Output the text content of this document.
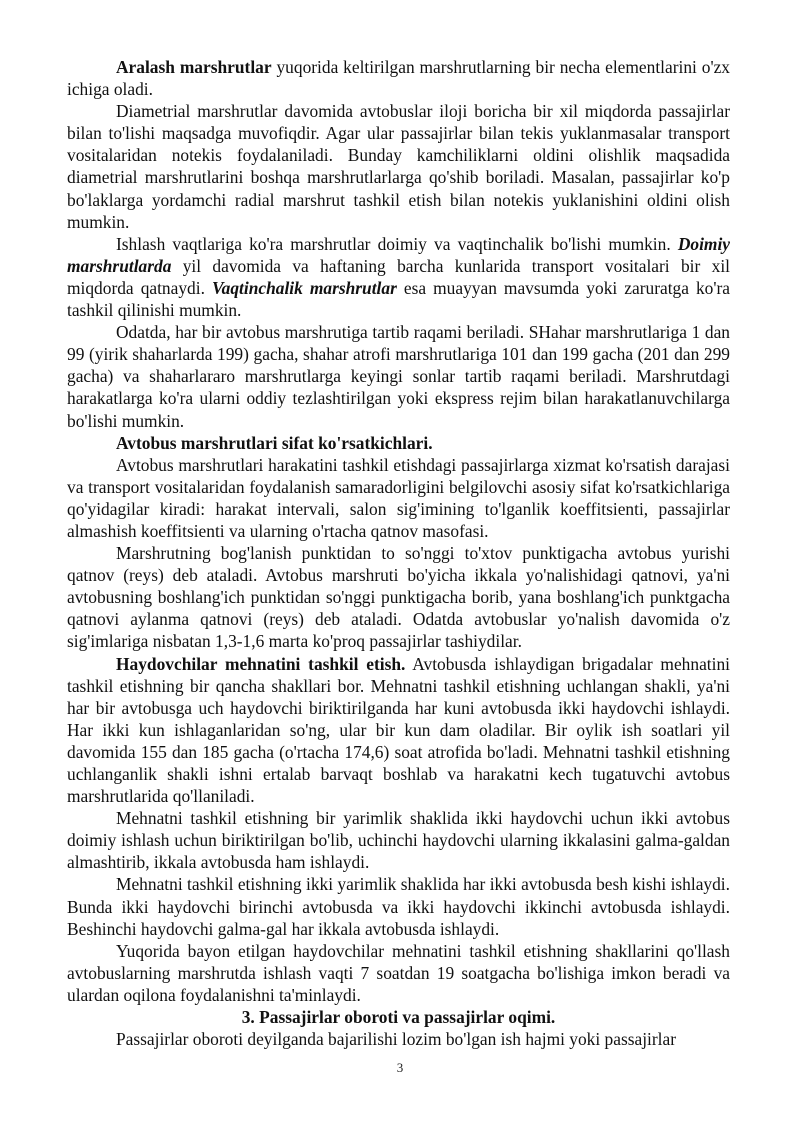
Aralash marshrutlar yuqorida keltirilgan marshrutlarning bir necha elementlarini o'zx ichiga oladi.

Diametrial marshrutlar davomida avtobuslar iloji boricha bir xil miqdorda passajirlar bilan to'lishi maqsadga muvofiqdir. Agar ular passajirlar bilan tekis yuklanmasalar transport vositalaridan notekis foydalaniladi. Bunday kamchiliklarni oldini olishlik maqsadida diametrial marshrutlarini boshqa marshrutlarlarga qo'shib boriladi. Masalan, passajirlar ko'p bo'laklarga yordamchi radial marshrut tashkil etish bilan notekis yuklanishini oldini olish mumkin.

Ishlash vaqtlariga ko'ra marshrutlar doimiy va vaqtinchalik bo'lishi mumkin. Doimiy marshrutlarda yil davomida va haftaning barcha kunlarida transport vositalari bir xil miqdorda qatnaydi. Vaqtinchalik marshrutlar esa muayyan mavsumda yoki zaruratga ko'ra tashkil qilinishi mumkin.

Odatda, har bir avtobus marshrutiga tartib raqami beriladi. SHahar marshrutlariga 1 dan 99 (yirik shaharlarda 199) gacha, shahar atrofi marshrutlariga 101 dan 199 gacha (201 dan 299 gacha) va shaharlararo marshrutlarga keyingi sonlar tartib raqami beriladi. Marshrutdagi harakatlarga ko'ra ularni oddiy tezlashtirilgan yoki ekspress rejim bilan harakatlanuvchilarga bo'lishi mumkin.

Avtobus marshrutlari sifat ko'rsatkichlari.

Avtobus marshrutlari harakatini tashkil etishdagi passajirlarga xizmat ko'rsatish darajasi va transport vositalaridan foydalanish samaradorligini belgilovchi asosiy sifat ko'rsatkichlariga qo'yidagilar kiradi: harakat intervali, salon sig'imining to'lganlik koeffitsienti, passajirlar almashish koeffitsienti va ularning o'rtacha qatnov masofasi.

Marshrutning bog'lanish punktidan to so'nggi to'xtov punktigacha avtobus yurishi qatnov (reys) deb ataladi. Avtobus marshruti bo'yicha ikkala yo'nalishidagi qatnovi, ya'ni avtobusning boshlang'ich punktidan so'nggi punktigacha borib, yana boshlang'ich punktgacha qatnovi aylanma qatnovi (reys) deb ataladi. Odatda avtobuslar yo'nalish davomida o'z sig'imlariga nisbatan 1,3-1,6 marta ko'proq passajirlar tashiydilar.

Haydovchilar mehnatini tashkil etish. Avtobusda ishlaydigan brigadalar mehnatini tashkil etishning bir qancha shakllari bor. Mehnatni tashkil etishning uchlangan shakli, ya'ni har bir avtobusga uch haydovchi biriktirilganda har kuni avtobusda ikki haydovchi ishlaydi. Har ikki kun ishlaganlaridan so'ng, ular bir kun dam oladilar. Bir oylik ish soatlari yil davomida 155 dan 185 gacha (o'rtacha 174,6) soat atrofida bo'ladi. Mehnatni tashkil etishning uchlanganlik shakli ishni ertalab barvaqt boshlab va harakatni kech tugatuvchi avtobus marshrutlarida qo'llaniladi.

Mehnatni tashkil etishning bir yarimlik shaklida ikki haydovchi uchun ikki avtobus doimiy ishlash uchun biriktirilgan bo'lib, uchinchi haydovchi ularning ikkalasini galma-galdan almashtirib, ikkala avtobusda ham ishlaydi.

Mehnatni tashkil etishning ikki yarimlik shaklida har ikki avtobusda besh kishi ishlaydi. Bunda ikki haydovchi birinchi avtobusda va ikki haydovchi ikkinchi avtobusda ishlaydi. Beshinchi haydovchi galma-gal har ikkala avtobusda ishlaydi.

Yuqorida bayon etilgan haydovchilar mehnatini tashkil etishning shakllarini qo'llash avtobuslarning marshrutda ishlash vaqti 7 soatdan 19 soatgacha bo'lishiga imkon beradi va ulardan oqilona foydalanishni ta'minlaydi.

3. Passajirlar oboroti va passajirlar oqimi.

Passajirlar oboroti deyilganda bajarilishi lozim bo'lgan ish hajmi yoki passajirlar

3
